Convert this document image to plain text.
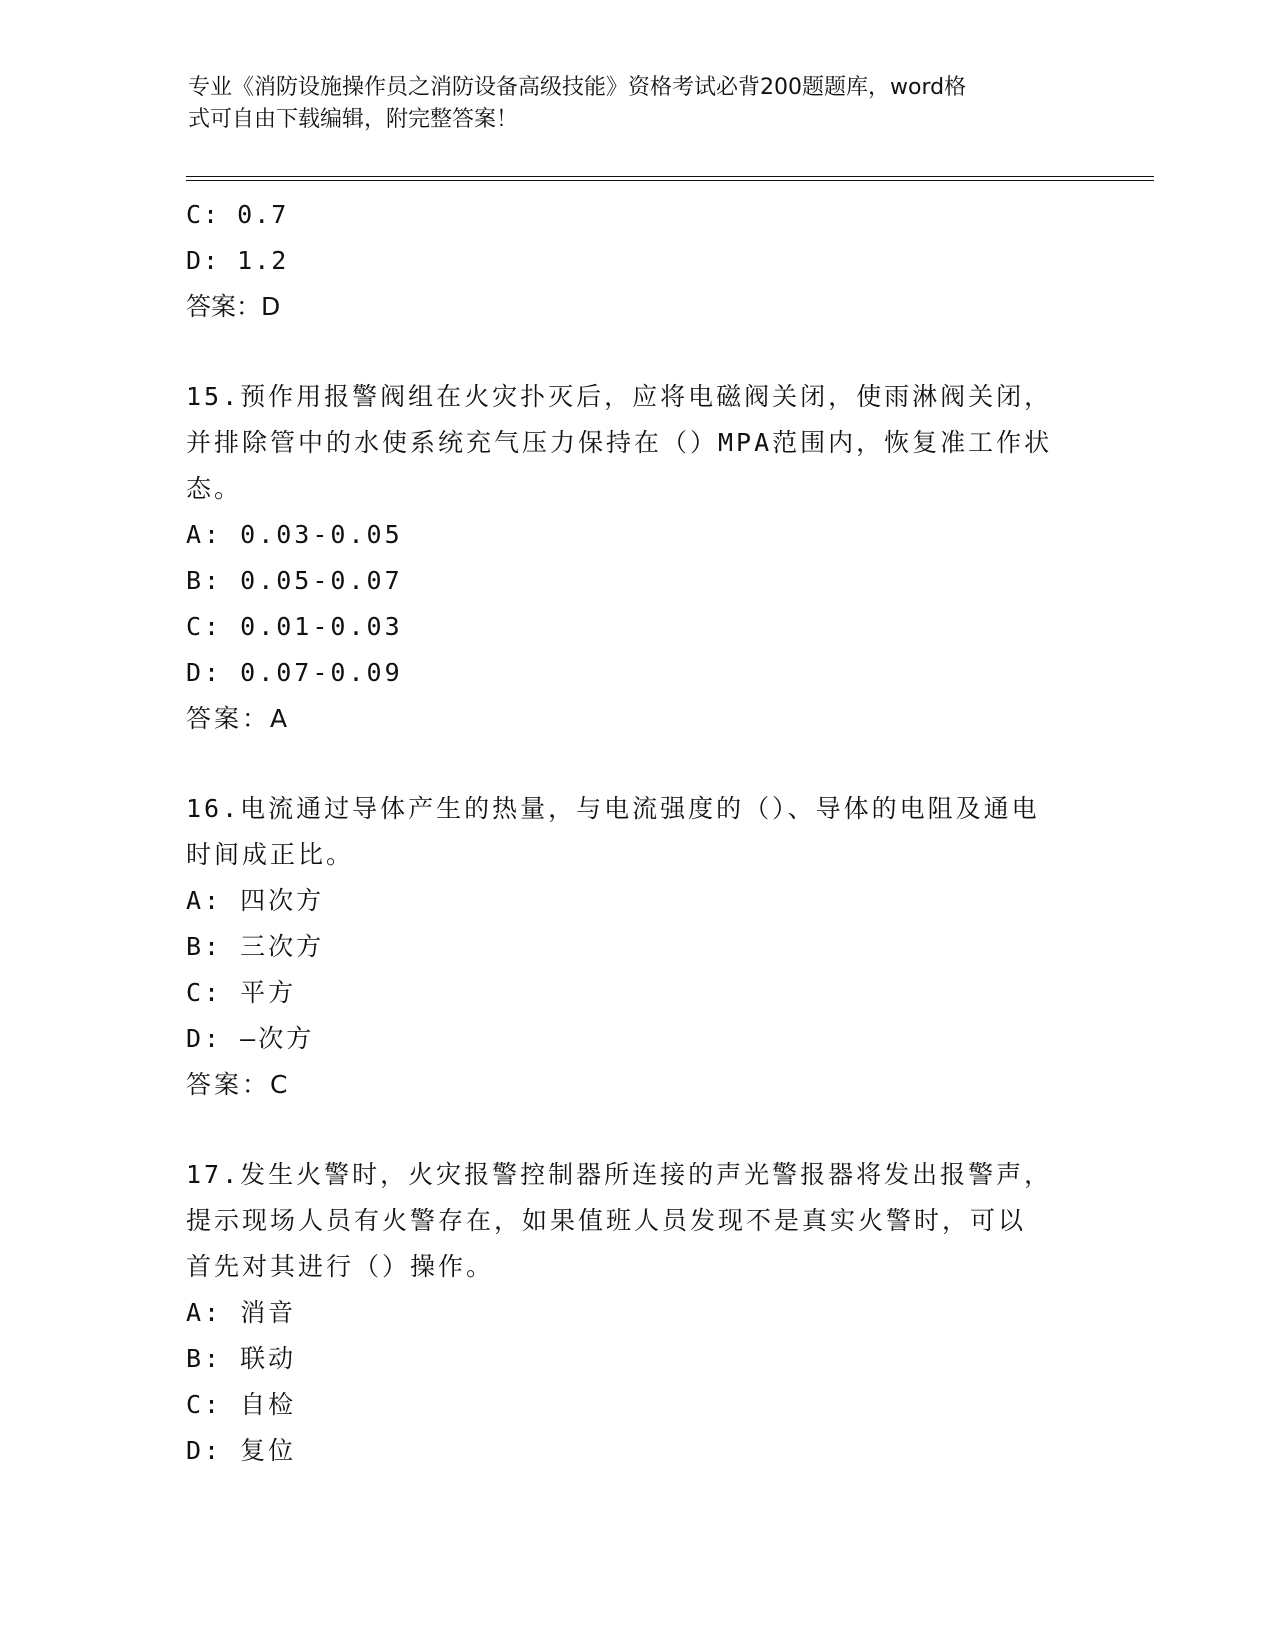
专业《消防设施操作员之消防设备高级技能》资格考试必背200题题库，word格
式可自由下载编辑，附完整答案！
C: 0.7
D: 1.2
答案：D
15.预作用报警阀组在火灾扑灭后，应将电磁阀关闭，使雨淋阀关闭，
并排除管中的水使系统充气压力保持在（）MPA范围内，恢复准工作状
态。
A: 0.03-0.05
B: 0.05-0.07
C: 0.01-0.03
D: 0.07-0.09
答案：A
16.电流通过导体产生的热量，与电流强度的（）、导体的电阻及通电
时间成正比。
A: 四次方
B: 三次方
C: 平方
D: —次方
答案：C
17.发生火警时，火灾报警控制器所连接的声光警报器将发出报警声，
提示现场人员有火警存在，如果值班人员发现不是真实火警时，可以
首先对其进行（）操作。
A: 消音
B: 联动
C: 自检
D: 复位
